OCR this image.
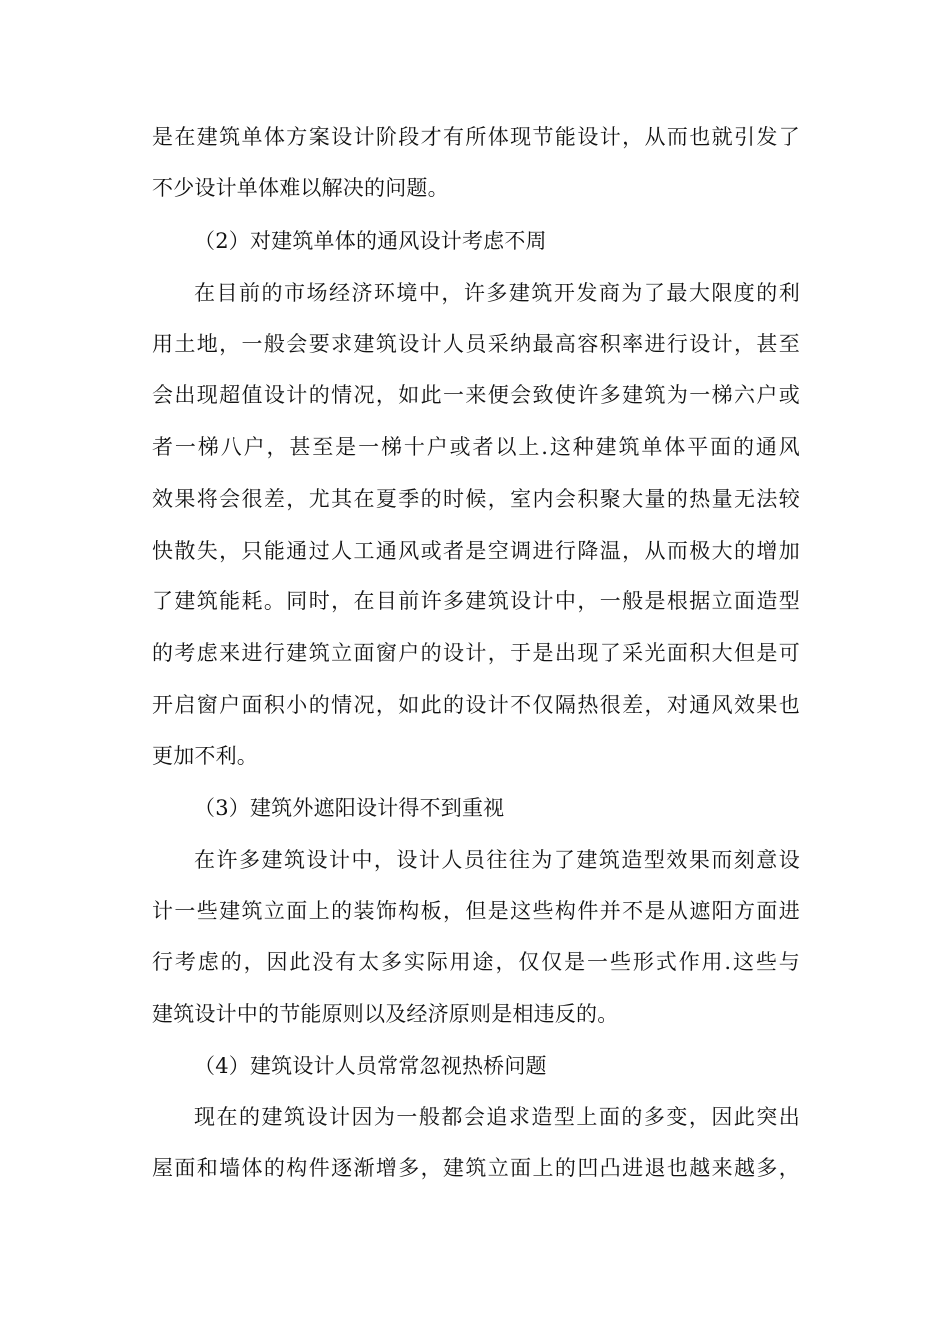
是在建筑单体方案设计阶段才有所体现节能设计，从而也就引发了
不少设计单体难以解决的问题。
（2）对建筑单体的通风设计考虑不周
在目前的市场经济环境中，许多建筑开发商为了最大限度的利
用土地，一般会要求建筑设计人员采纳最高容积率进行设计，甚至
会出现超值设计的情况，如此一来便会致使许多建筑为一梯六户或
者一梯八户，甚至是一梯十户或者以上.这种建筑单体平面的通风
效果将会很差，尤其在夏季的时候，室内会积聚大量的热量无法较
快散失，只能通过人工通风或者是空调进行降温，从而极大的增加
了建筑能耗。同时，在目前许多建筑设计中，一般是根据立面造型
的考虑来进行建筑立面窗户的设计，于是出现了采光面积大但是可
开启窗户面积小的情况，如此的设计不仅隔热很差，对通风效果也
更加不利。
（3）建筑外遮阳设计得不到重视
在许多建筑设计中，设计人员往往为了建筑造型效果而刻意设
计一些建筑立面上的装饰构板，但是这些构件并不是从遮阳方面进
行考虑的，因此没有太多实际用途，仅仅是一些形式作用.这些与
建筑设计中的节能原则以及经济原则是相违反的。
（4）建筑设计人员常常忽视热桥问题
现在的建筑设计因为一般都会追求造型上面的多变，因此突出
屋面和墙体的构件逐渐增多，建筑立面上的凹凸进退也越来越多，
